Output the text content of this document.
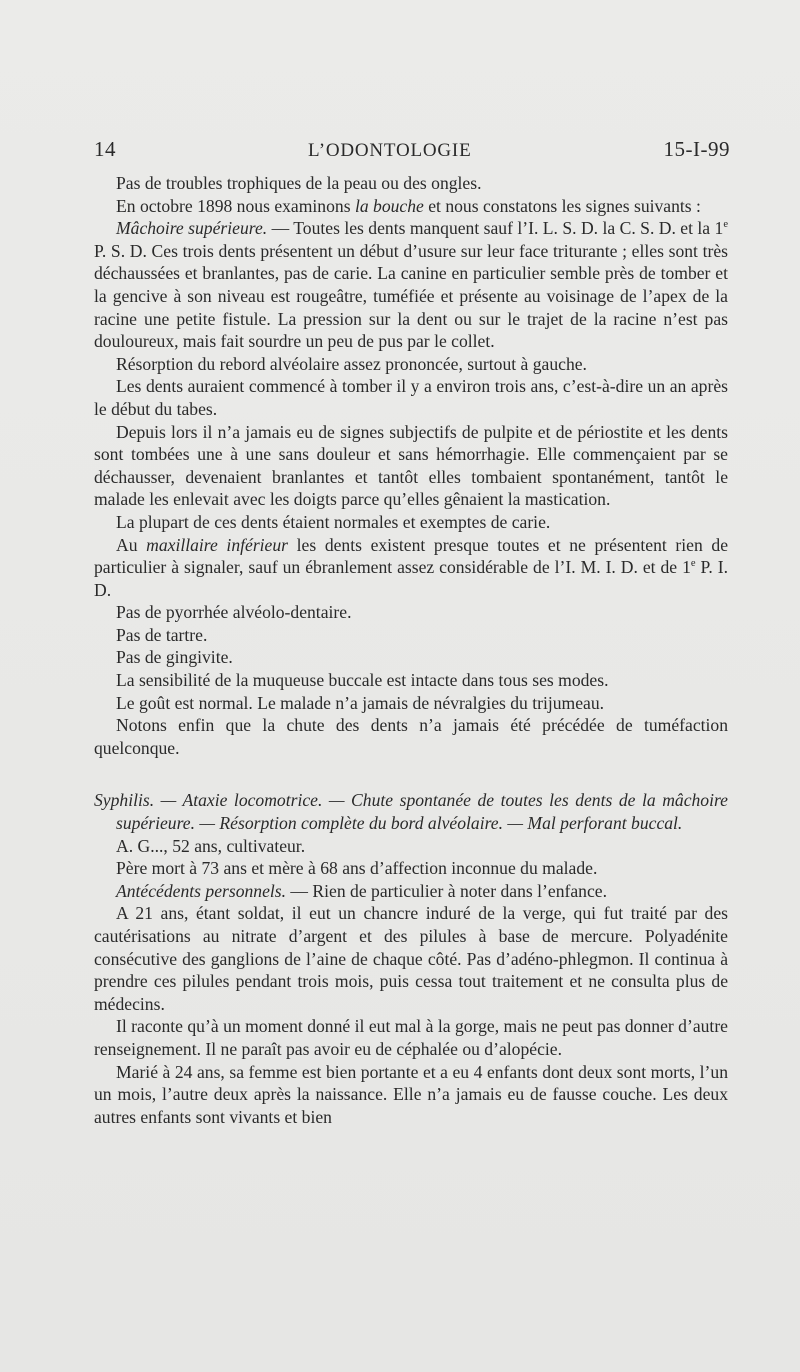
14	L’ODONTOLOGIE	15-I-99

Pas de troubles trophiques de la peau ou des ongles.

En octobre 1898 nous examinons la bouche et nous constatons les signes suivants :

Mâchoire supérieure. — Toutes les dents manquent sauf l’I. L. S. D. la C. S. D. et la 1e P. S. D. Ces trois dents présentent un début d’usure sur leur face triturante ; elles sont très déchaussées et branlantes, pas de carie. La canine en particulier semble près de tomber et la gencive à son niveau est rougeâtre, tuméfiée et présente au voisinage de l’apex de la racine une petite fistule. La pression sur la dent ou sur le trajet de la racine n’est pas douloureux, mais fait sourdre un peu de pus par le collet.

Résorption du rebord alvéolaire assez prononcée, surtout à gauche.

Les dents auraient commencé à tomber il y a environ trois ans, c’est-à-dire un an après le début du tabes.

Depuis lors il n’a jamais eu de signes subjectifs de pulpite et de périostite et les dents sont tombées une à une sans douleur et sans hémorrhagie. Elle commençaient par se déchausser, devenaient branlantes et tantôt elles tombaient spontanément, tantôt le malade les enlevait avec les doigts parce qu’elles gênaient la mastication.

La plupart de ces dents étaient normales et exemptes de carie.

Au maxillaire inférieur les dents existent presque toutes et ne présentent rien de particulier à signaler, sauf un ébranlement assez considérable de l’I. M. I. D. et de 1e P. I. D.

Pas de pyorrhée alvéolo-dentaire.

Pas de tartre.

Pas de gingivite.

La sensibilité de la muqueuse buccale est intacte dans tous ses modes.

Le goût est normal. Le malade n’a jamais de névralgies du trijumeau.

Notons enfin que la chute des dents n’a jamais été précédée de tuméfaction quelconque.

Syphilis. — Ataxie locomotrice. — Chute spontanée de toutes les dents de la mâchoire supérieure. — Résorption complète du bord alvéolaire. — Mal perforant buccal.

A. G..., 52 ans, cultivateur.

Père mort à 73 ans et mère à 68 ans d’affection inconnue du malade.

Antécédents personnels. — Rien de particulier à noter dans l’enfance.

A 21 ans, étant soldat, il eut un chancre induré de la verge, qui fut traité par des cautérisations au nitrate d’argent et des pilules à base de mercure. Polyadénite consécutive des ganglions de l’aine de chaque côté. Pas d’adéno-phlegmon. Il continua à prendre ces pilules pendant trois mois, puis cessa tout traitement et ne consulta plus de médecins.

Il raconte qu’à un moment donné il eut mal à la gorge, mais ne peut pas donner d’autre renseignement. Il ne paraît pas avoir eu de céphalée ou d’alopécie.

Marié à 24 ans, sa femme est bien portante et a eu 4 enfants dont deux sont morts, l’un un mois, l’autre deux après la naissance. Elle n’a jamais eu de fausse couche. Les deux autres enfants sont vivants et bien
